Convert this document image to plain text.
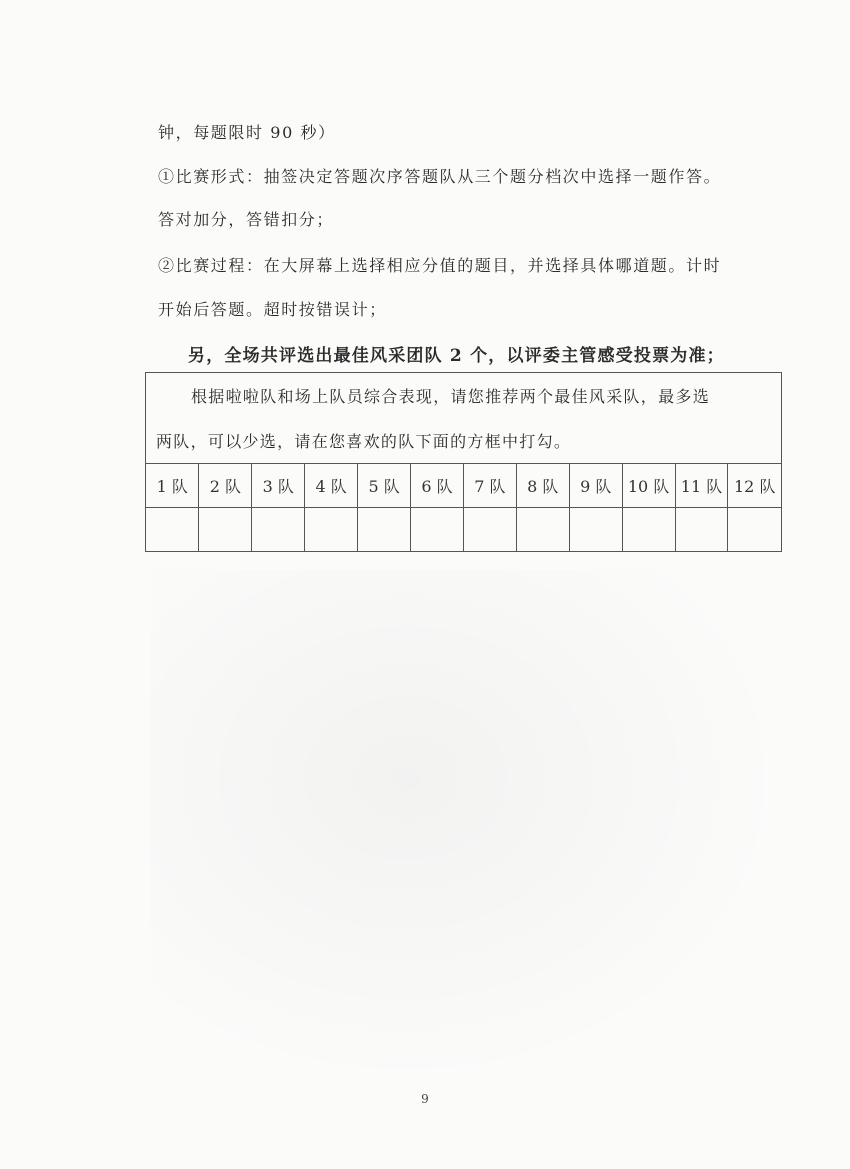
钟，每题限时 90 秒）
①比赛形式：抽签决定答题次序答题队从三个题分档次中选择一题作答。
答对加分，答错扣分；
②比赛过程：在大屏幕上选择相应分值的题目，并选择具体哪道题。计时
开始后答题。超时按错误计；
另，全场共评选出最佳风采团队 2 个，以评委主管感受投票为准；
根据啦啦队和场上队员综合表现，请您推荐两个最佳风采队，最多选
两队，可以少选，请在您喜欢的队下面的方框中打勾。
1 队	2 队	3 队	4 队	5 队	6 队	7 队	8 队	9 队	10 队	11 队	12 队

9
